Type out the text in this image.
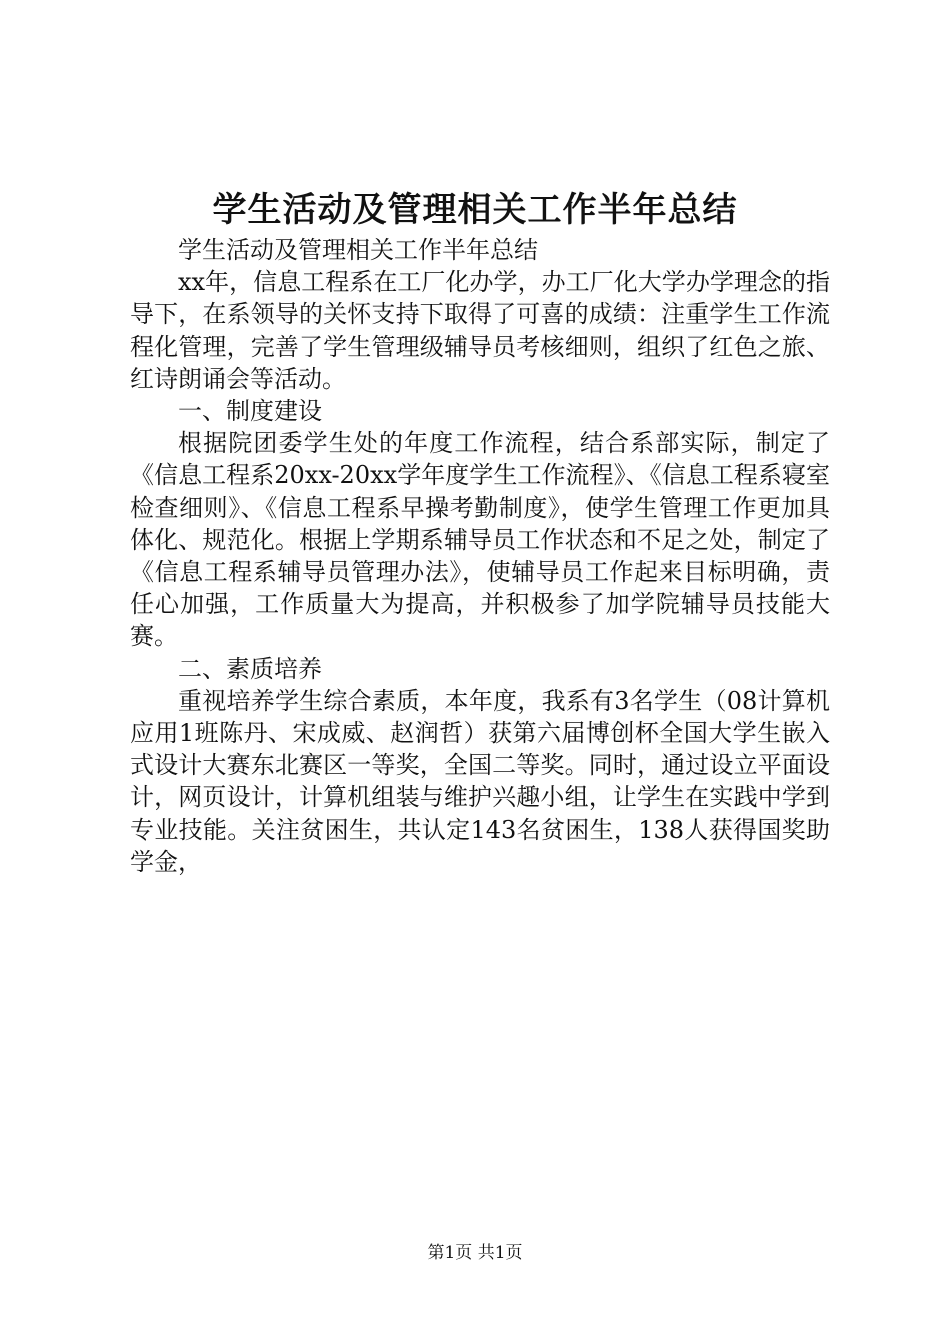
学生活动及管理相关工作半年总结

学生活动及管理相关工作半年总结

xx年，信息工程系在工厂化办学，办工厂化大学办学理念的指导下，在系领导的关怀支持下取得了可喜的成绩：注重学生工作流程化管理，完善了学生管理级辅导员考核细则，组织了红色之旅、红诗朗诵会等活动。

一、制度建设

根据院团委学生处的年度工作流程，结合系部实际，制定了《信息工程系20xx-20xx学年度学生工作流程》、《信息工程系寝室检查细则》、《信息工程系早操考勤制度》，使学生管理工作更加具体化、规范化。根据上学期系辅导员工作状态和不足之处，制定了《信息工程系辅导员管理办法》，使辅导员工作起来目标明确，责任心加强，工作质量大为提高，并积极参了加学院辅导员技能大赛。

二、素质培养

重视培养学生综合素质，本年度，我系有3名学生（08计算机应用1班陈丹、宋成威、赵润哲）获第六届博创杯全国大学生嵌入式设计大赛东北赛区一等奖，全国二等奖。同时，通过设立平面设计，网页设计，计算机组装与维护兴趣小组，让学生在实践中学到专业技能。关注贫困生，共认定143名贫困生，138人获得国奖助学金，

第1页 共1页
